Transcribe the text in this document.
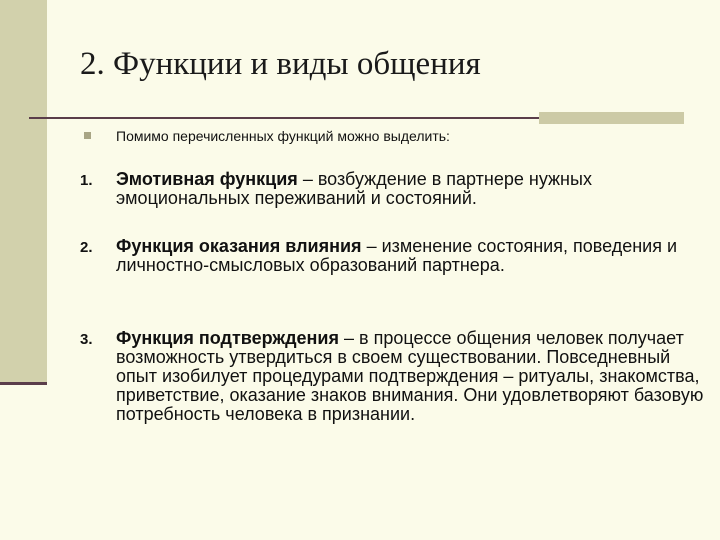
2. Функции и виды общения
Помимо перечисленных функций можно выделить:
1.	Эмотивная функция – возбуждение в партнере нужных эмоциональных переживаний и состояний.
2.	Функция оказания влияния – изменение состояния, поведения и личностно-смысловых образований партнера.
3.	Функция подтверждения – в процессе общения человек получает возможность утвердиться в своем существовании. Повседневный опыт изобилует процедурами подтверждения – ритуалы, знакомства, приветствие, оказание знаков внимания. Они удовлетворяют базовую потребность человека в признании.
